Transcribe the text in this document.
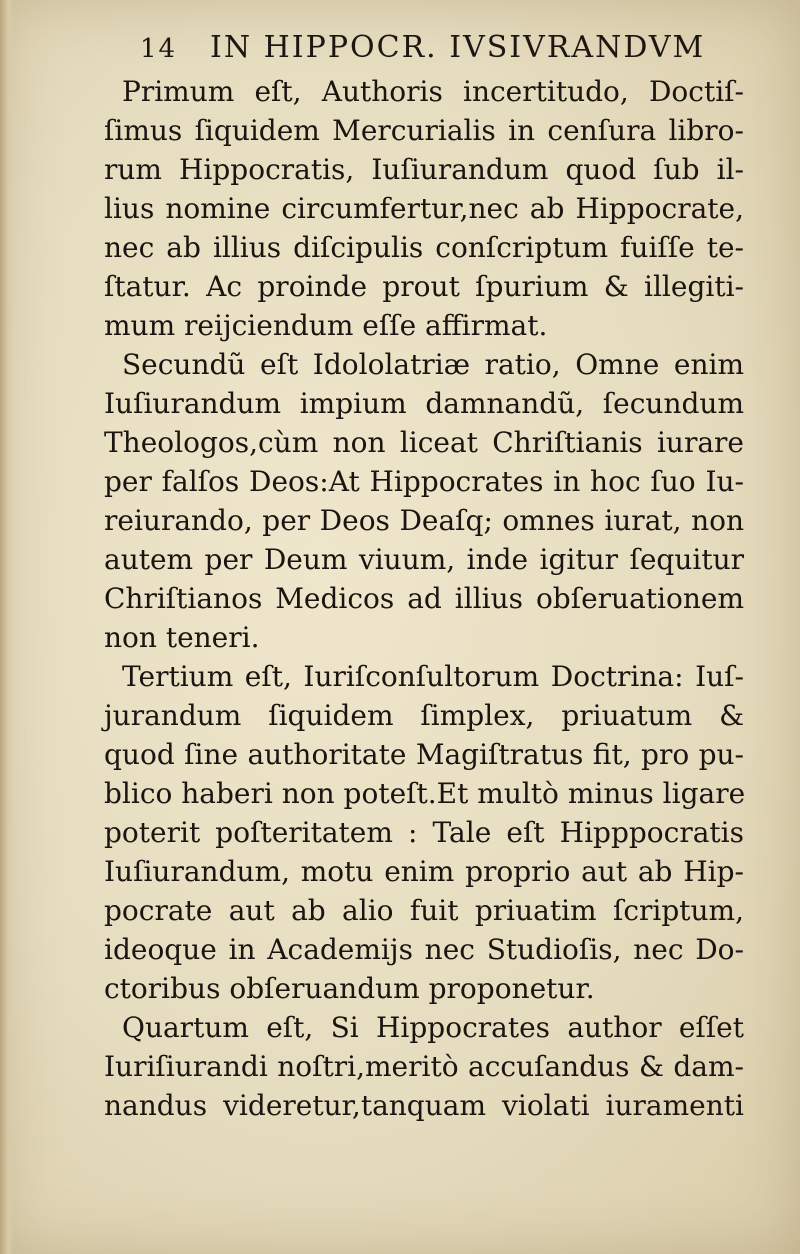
14 IN HIPPOCR. IVSIVRANDVM
Primum eſt, Authoris incertitudo, Doctiſ-
ſimus ſiquidem Mercurialis in cenſura libro-
rum Hippocratis, Iuſiurandum quod ſub il-
lius nomine circumfertur,nec ab Hippocrate,
nec ab illius diſcipulis conſcriptum fuiſſe te-
ſtatur. Ac proinde prout ſpurium & illegiti-
mum reijciendum eſſe affirmat.
Secundũ eſt Idololatriæ ratio, Omne enim
Iuſiurandum impium damnandũ, ſecundum
Theologos,cùm non liceat Chriſtianis iurare
per falſos Deos:At Hippocrates in hoc ſuo Iu-
reiurando, per Deos Deaſq; omnes iurat, non
autem per Deum viuum, inde igitur ſequitur
Chriſtianos Medicos ad illius obſeruationem
non teneri.
Tertium eſt, Iuriſconſultorum Doctrina: Iuſ-
jurandum ſiquidem ſimplex, priuatum &
quod ſine authoritate Magiſtratus fit, pro pu-
blico haberi non poteſt.Et multò minus ligare
poterit poſteritatem : Tale eſt Hipppocratis
Iuſiurandum, motu enim proprio aut ab Hip-
pocrate aut ab alio fuit priuatim ſcriptum,
ideoque in Academijs nec Studioſis, nec Do-
ctoribus obſeruandum proponetur.
Quartum eſt, Si Hippocrates author eſſet
Iuriſiurandi noſtri,meritò accuſandus & dam-
nandus videretur,tanquam violati iuramenti
